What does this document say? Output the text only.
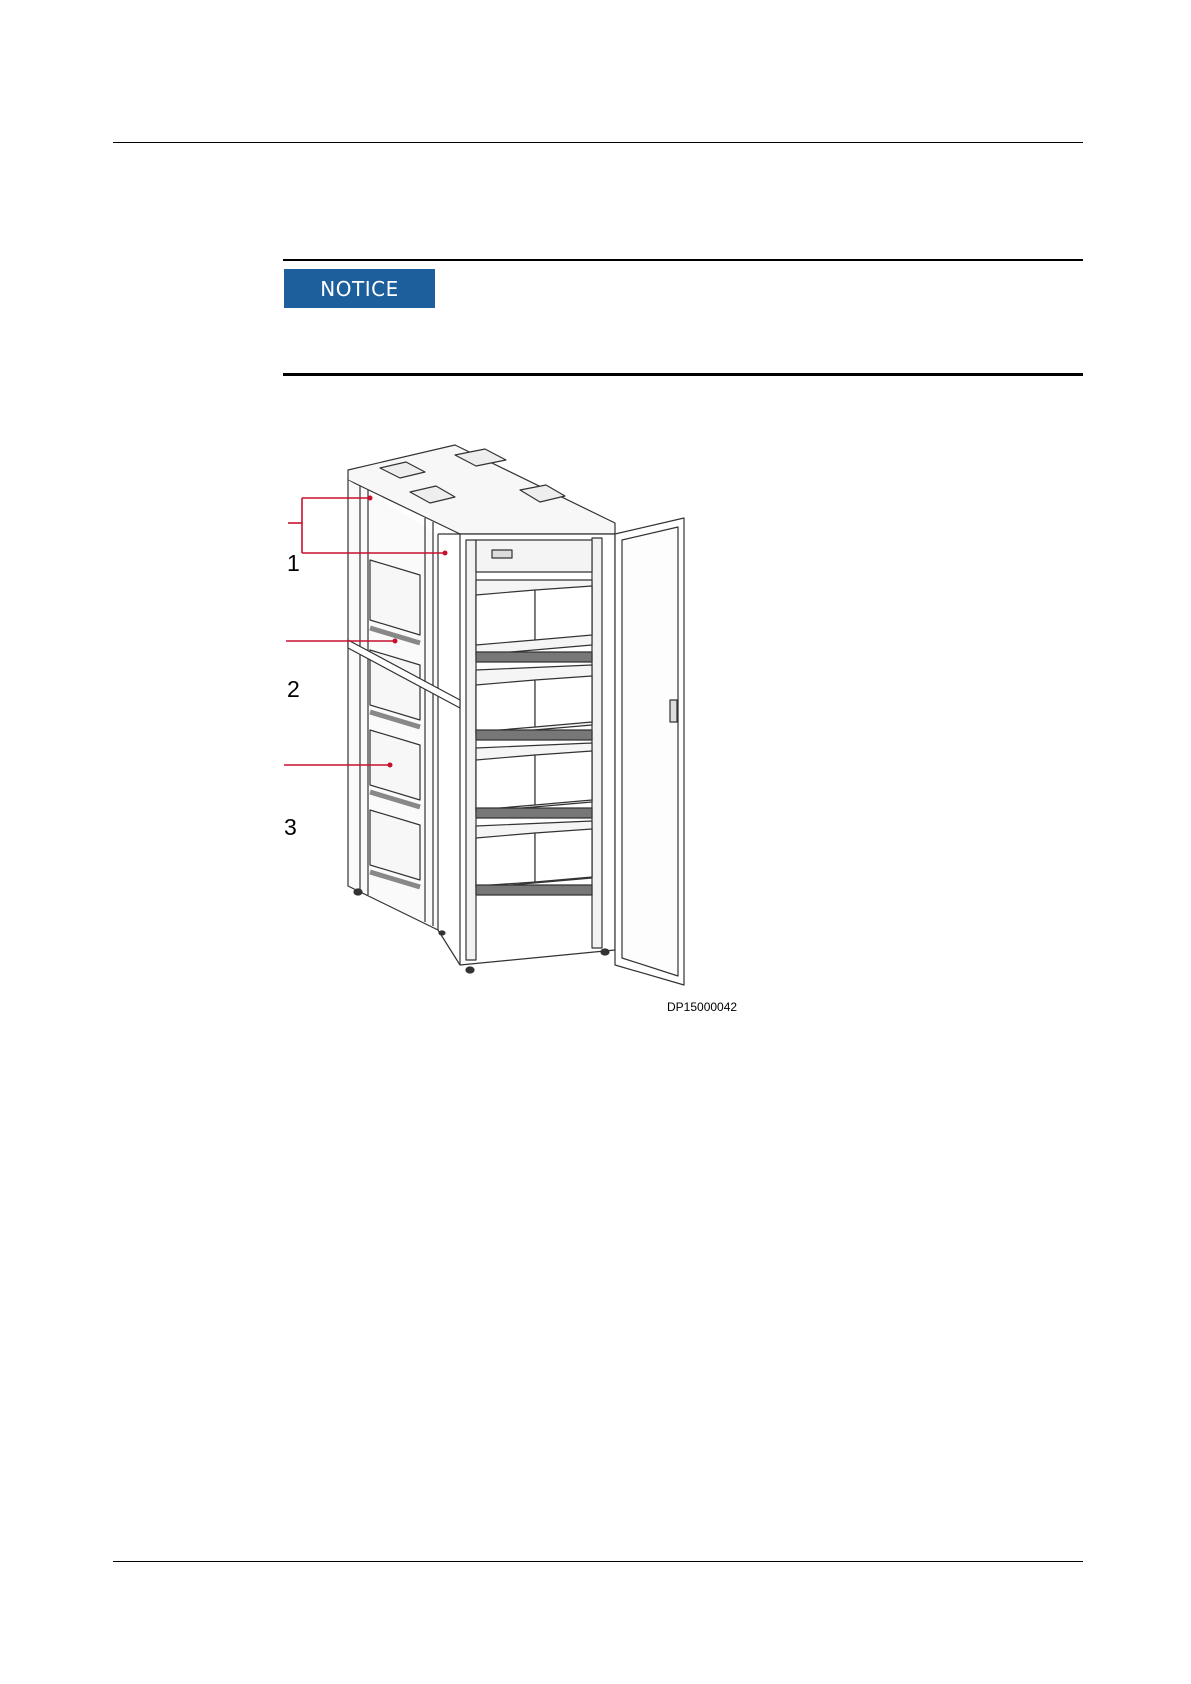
NOTICE
1
2
3
DP15000042
